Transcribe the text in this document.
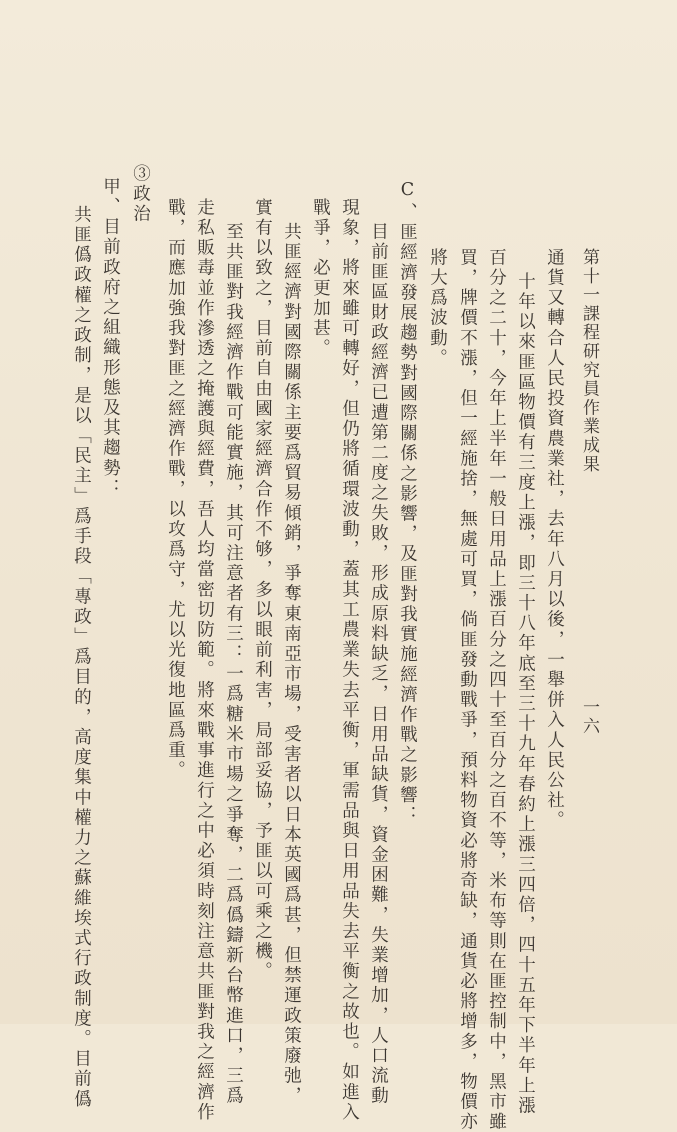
第十一課程研究員作業成果
一六
通貨又轉合人民投資農業社，去年八月以後，一舉併入人民公社。
十年以來匪區物價有三度上漲，即三十八年底至三十九年春約上漲三四倍，四十五年下半年上漲
百分之二十，今年上半年一般日用品上漲百分之四十至百分之百不等，米布等則在匪控制中，黑市雖
買，牌價不漲，但一經施捨，無處可買，倘匪發動戰爭，預料物資必將奇缺，通貨必將增多，物價亦
將大爲波動。
C、匪經濟發展趨勢對國際關係之影響，及匪對我實施經濟作戰之影響：
目前匪區財政經濟已遭第二度之失敗，形成原料缺乏，日用品缺貨，資金困難，失業增加，人口流動
現象，將來雖可轉好，但仍將循環波動，蓋其工農業失去平衡，軍需品與日用品失去平衡之故也。如進入
戰爭，必更加甚。
共匪經濟對國際關係主要爲貿易傾銷，爭奪東南亞市場，受害者以日本英國爲甚，但禁運政策廢弛，
實有以致之，目前自由國家經濟合作不够，多以眼前利害，局部妥協，予匪以可乘之機。
至共匪對我經濟作戰可能實施，其可注意者有三：一爲糖米市場之爭奪，二爲僞鑄新台幣進口，三爲
走私販毒並作滲透之掩護與經費，吾人均當密切防範。將來戰事進行之中必須時刻注意共匪對我之經濟作
戰，而應加強我對匪之經濟作戰，以攻爲守，尤以光復地區爲重。
③政治
甲、目前政府之組織形態及其趨勢：
共匪僞政權之政制，是以「民主」爲手段「專政」爲目的，高度集中權力之蘇維埃式行政制度。目前僞
